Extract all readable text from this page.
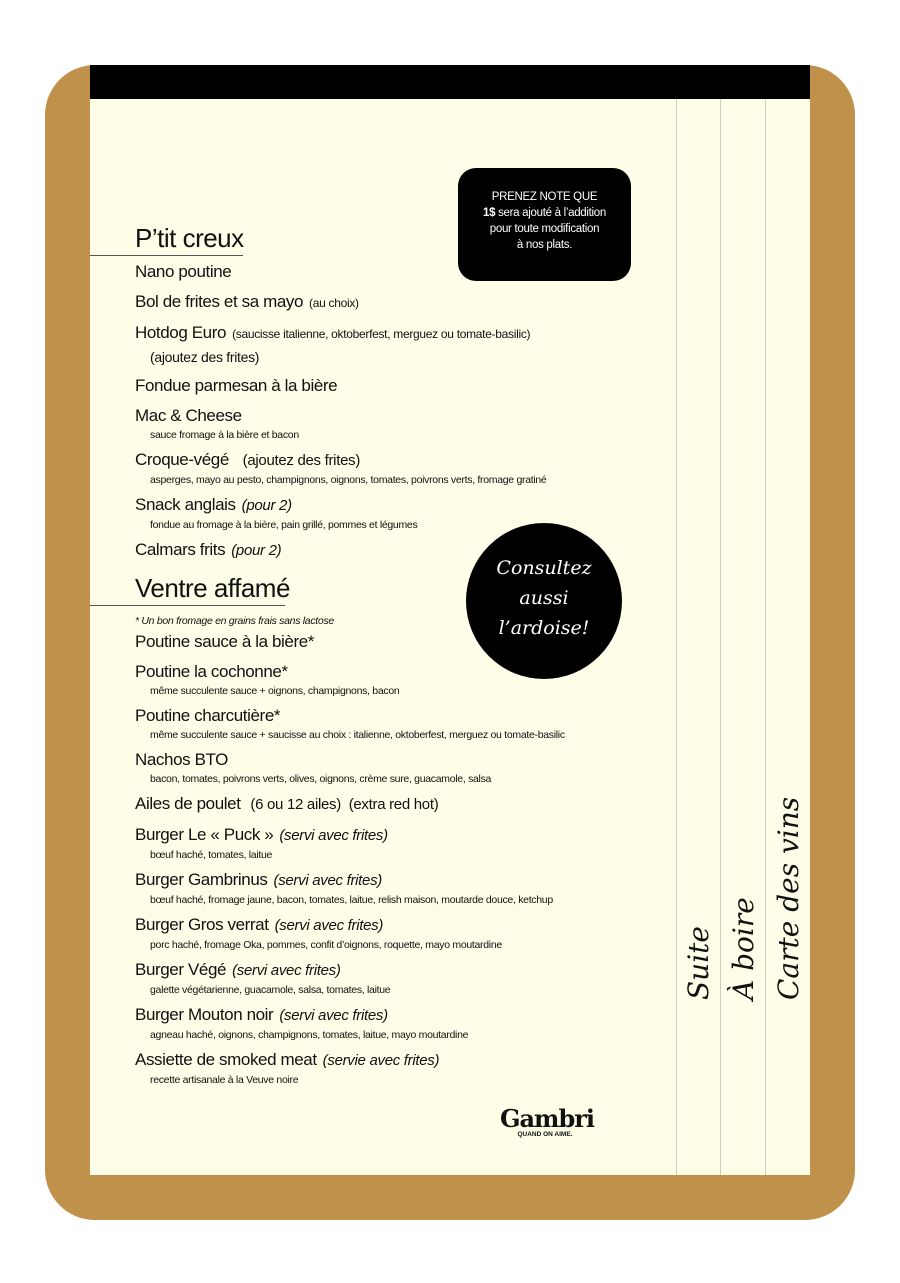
Suite À boire Carte des vins
PRENEZ NOTE QUE
1$ sera ajouté à l’addition
pour toute modification
à nos plats.
Consultez
aussi
l’ardoise!
P’tit creux
Nano poutine
Bol de frites et sa mayo (au choix)
Hotdog Euro (saucisse italienne, oktoberfest, merguez ou tomate-basilic)
(ajoutez des frites)
Fondue parmesan à la bière
Mac & Cheese
sauce fromage à la bière et bacon
Croque-végé  (ajoutez des frites)
asperges, mayo au pesto, champignons, oignons, tomates, poivrons verts, fromage gratiné
Snack anglais (pour 2)
fondue au fromage à la bière, pain grillé, pommes et légumes
Calmars frits (pour 2)
Ventre affamé
* Un bon fromage en grains frais sans lactose
Poutine sauce à la bière*
Poutine la cochonne*
même succulente sauce + oignons, champignons, bacon
Poutine charcutière*
même succulente sauce + saucisse au choix : italienne, oktoberfest, merguez ou tomate-basilic
Nachos BTO
bacon, tomates, poivrons verts, olives, oignons, crème sure, guacamole, salsa
Ailes de poulet (6 ou 12 ailes)  (extra red hot)
Burger Le « Puck » (servi avec frites)
bœuf haché, tomates, laitue
Burger Gambrinus (servi avec frites)
bœuf haché, fromage jaune, bacon, tomates, laitue, relish maison, moutarde douce, ketchup
Burger Gros verrat (servi avec frites)
porc haché, fromage Oka, pommes, confit d’oignons, roquette, mayo moutardine
Burger Végé (servi avec frites)
galette végétarienne, guacamole, salsa, tomates, laitue
Burger Mouton noir (servi avec frites)
agneau haché, oignons, champignons, tomates, laitue, mayo moutardine
Assiette de smoked meat (servie avec frites)
recette artisanale à la Veuve noire
Gambri
QUAND ON AIME.
